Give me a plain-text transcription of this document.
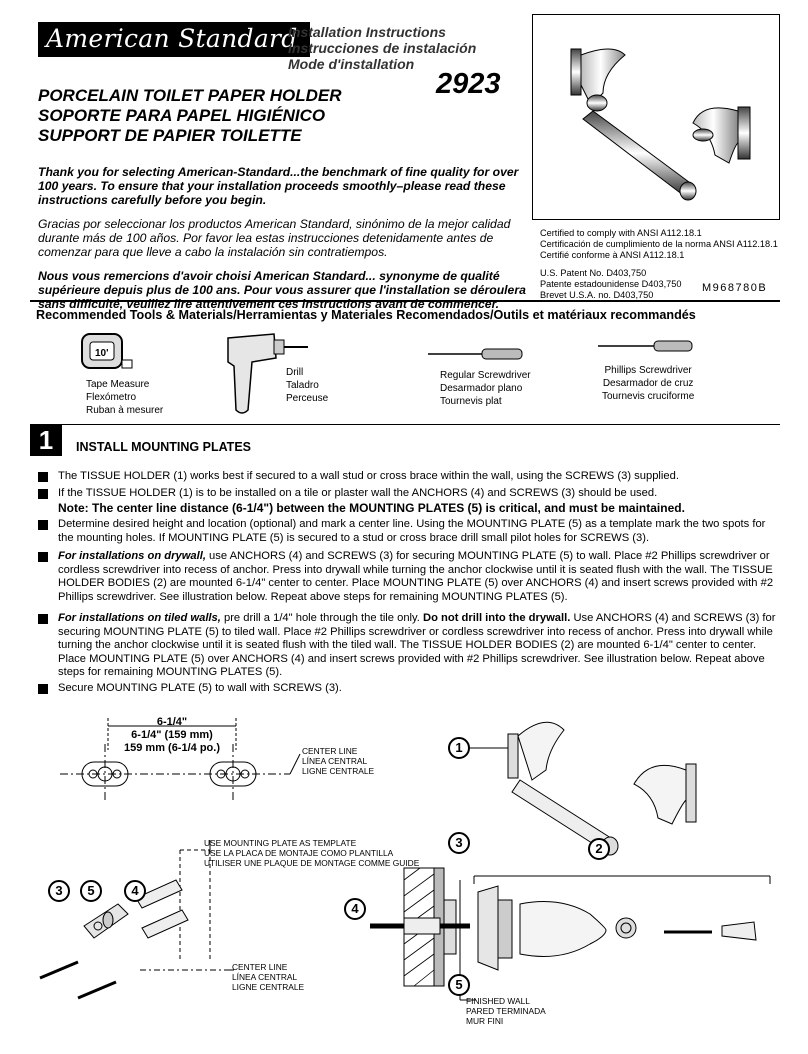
American Standard
Installation Instructions
Instrucciones de instalación
Mode d'installation
2923
PORCELAIN TOILET PAPER HOLDER
SOPORTE PARA PAPEL HIGIÉNICO
SUPPORT DE PAPIER TOILETTE

Thank you for selecting American-Standard...the benchmark of fine quality for over 100 years. To ensure that your installation proceeds smoothly–please read these instructions carefully before you begin.

Gracias por seleccionar los productos American Standard, sinónimo de la mejor calidad durante más de 100 años. Por favor lea estas instrucciones detenidamente antes de comenzar para que lleve a cabo la instalación sin contratiempos.

Nous vous remercions d'avoir choisi American Standard... synonyme de qualité supérieure depuis plus de 100 ans. Pour vous assurer que l'installation se déroulera sans difficulté, veuillez lire attentivement ces instructions avant de commencer.

Certified to comply with ANSI A112.18.1
Certificación de cumplimiento de la norma ANSI A112.18.1
Certifié conforme à ANSI A112.18.1
U.S. Patent No. D403,750
Patente estadounidense D403,750
Brevet U.S.A. no. D403,750
M968780B
Recommended Tools & Materials/Herramientas y Materiales Recomendados/Outils et matériaux recommandés
10'
Tape Measure
Flexómetro
Ruban à mesurer
Drill
Taladro
Perceuse
Regular Screwdriver
Desarmador plano
Tournevis plat
Phillips Screwdriver
Desarmador de cruz
Tournevis cruciforme
1	INSTALL MOUNTING PLATES
The TISSUE HOLDER (1) works best if secured to a wall stud or cross brace within the wall, using the SCREWS (3) supplied.
If the TISSUE HOLDER (1) is to be installed on a tile or plaster wall the ANCHORS (4) and SCREWS (3) should be used.
Note: The center line distance (6-1/4") between the MOUNTING PLATES (5) is critical, and must be maintained.
Determine desired height and location (optional) and mark a center line. Using the MOUNTING PLATE (5) as a template mark the two spots for the mounting holes. If MOUNTING PLATE (5) is secured to a stud or cross brace drill small pilot holes for SCREWS (3).
For installations on drywall, use ANCHORS (4) and SCREWS (3) for securing MOUNTING PLATE (5) to wall. Place #2 Phillips screwdriver or cordless screwdriver into recess of anchor. Press into drywall while turning the anchor clockwise until it is seated flush with the wall. The TISSUE HOLDER BODIES (2) are mounted 6-1/4" center to center. Place MOUNTING PLATE (5) over ANCHORS (4) and insert screws provided with #2 Phillips screwdriver. See illustration below. Repeat above steps for remaining MOUNTING PLATES (5).
For installations on tiled walls, pre drill a 1/4" hole through the tile only. Do not drill into the drywall. Use ANCHORS (4) and SCREWS (3) for securing MOUNTING PLATE (5) to tiled wall. Place #2 Phillips screwdriver or cordless screwdriver into recess of anchor. Press into drywall while turning the anchor clockwise until it is seated flush with the tiled wall. The TISSUE HOLDER BODIES (2) are mounted 6-1/4" center to center. Place MOUNTING PLATE (5) over ANCHORS (4) and insert screws provided with #2 Phillips screwdriver. See illustration below. Repeat above steps for remaining MOUNTING PLATES (5).
Secure MOUNTING PLATE (5) to wall with SCREWS (3).
6-1/4"
6-1/4" (159 mm)
159 mm (6-1/4 po.)	CENTER LINE
LÍNEA CENTRAL
LIGNE CENTRALE
USE MOUNTING PLATE AS TEMPLATE
USE LA PLACA DE MONTAJE COMO PLANTILLA
UTILISER UNE PLAQUE DE MONTAGE COMME GUIDE
CENTER LINE
LÍNEA CENTRAL
LIGNE CENTRALE
FINISHED WALL
PARED TERMINADA
MUR FINI
1
2
3	5	4
3
4
5
